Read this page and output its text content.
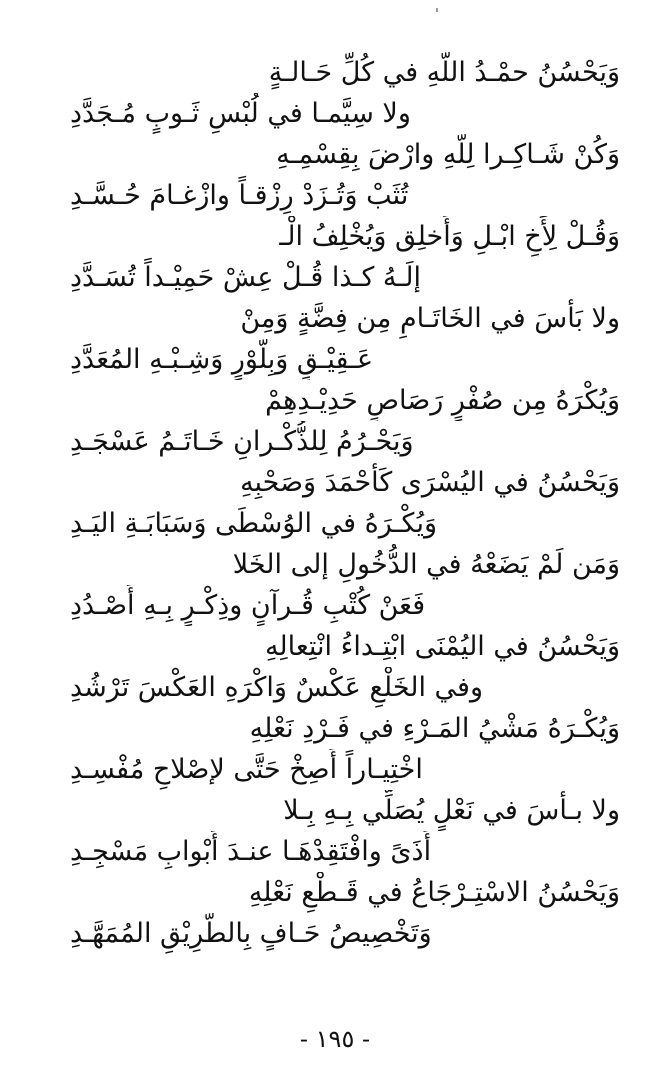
وَيَحْسُنُ حمْـدُ اللّهِ في كُلِّ حَـالـةٍ
ولا سِيَّمـا في لُبْسِ ثَـوبٍ مُـجَدَّدِ
وَكُنْ شَـاكِـرا لِلّهِ وارْضَ بِقِسْمِـهِ
تُثَبْ وَتُـزَدْ رِزْقـاً وازْغـامَ حُـسَّـدِ
وَقُـلْ لِأَخٍ ابْـلِ وَأَخلِق وَيُخْلِفُ الْـ
إلَـهُ كـذا قُـلْ عِشْ حَمِيْـداً تُسَـدَّدِ
ولا بَأْسَ في الخَاتَـامِ مِن فِضَّةٍ وَمِنْ
عَـقِيْـقٍ وَبِلَّوْرٍ وَشِـبْـهِ المُعَدَّدِ
وَيُكْرَهُ مِن صُفْرٍ رَصَاصٍ حَدِيْـدِهِمْ
وَيَحْـرُمُ لِلذُّكْـرانِ خَـاتَـمُ عَسْجَـدِ
وَيَحْسُنُ في اليُسْرَى كَأَحْمَدَ وَصَحْبِهِ
وَيُكْـرَهُ في الوُسْطَى وَسَبَابَـةِ اليَـدِ
وَمَن لَمْ يَضَعْهُ في الدُّخُولِ إلى الخَلا
فَعَنْ كُتْبِ قُـرآنٍ وذِكْـرٍ بِـهِ أَصْـدُدِ
وَيَحْسُنُ في اليُمْنَى ابْتِـداءُ انْتِعالِهِ
وفي الخَلْعِ عَكْسٌ وَاكْرَهِ العَكْسَ تَرْشُدِ
وَيُكْـرَهُ مَشْيُ المَـرْءِ في فَـرْدِ نَعْلِهِ
اخْتِيـاراً أَصِخْ حَتَّى لإصْلاحِ مُفْسِـدِ
ولا بـأْسَ في نَعْلٍ يُصَلِّي بِـهِ بِـلا
أَذَىً وافْتَقِدْهَـا عنـدَ أَبْوابِ مَسْجِـدِ
وَيَحْسُنُ الاسْتِـرْجَاعُ في قَـطْعِ نَعْلِهِ
وَتَخْصِيصُ حَـافٍ بِالطَّرِيْقِ المُمَهَّـدِ
- ١٩٥ -
